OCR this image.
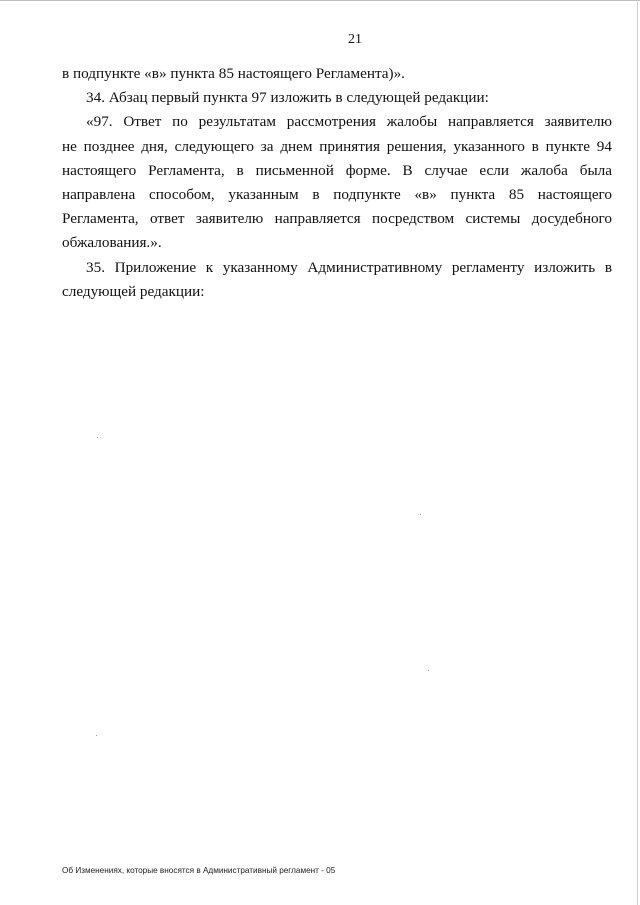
21
в подпункте «в» пункта 85 настоящего Регламента)».
34. Абзац первый пункта 97 изложить в следующей редакции:
«97. Ответ по результатам рассмотрения жалобы направляется заявителю
не позднее дня, следующего за днем принятия решения, указанного в пункте 94
настоящего Регламента, в письменной форме. В случае если жалоба была
направлена способом, указанным в подпункте «в» пункта 85 настоящего
Регламента, ответ заявителю направляется посредством системы досудебного
обжалования.».
35. Приложение к указанному Административному регламенту изложить в
следующей редакции:
Об Изменениях, которые вносятся в Административный регламент - 05
